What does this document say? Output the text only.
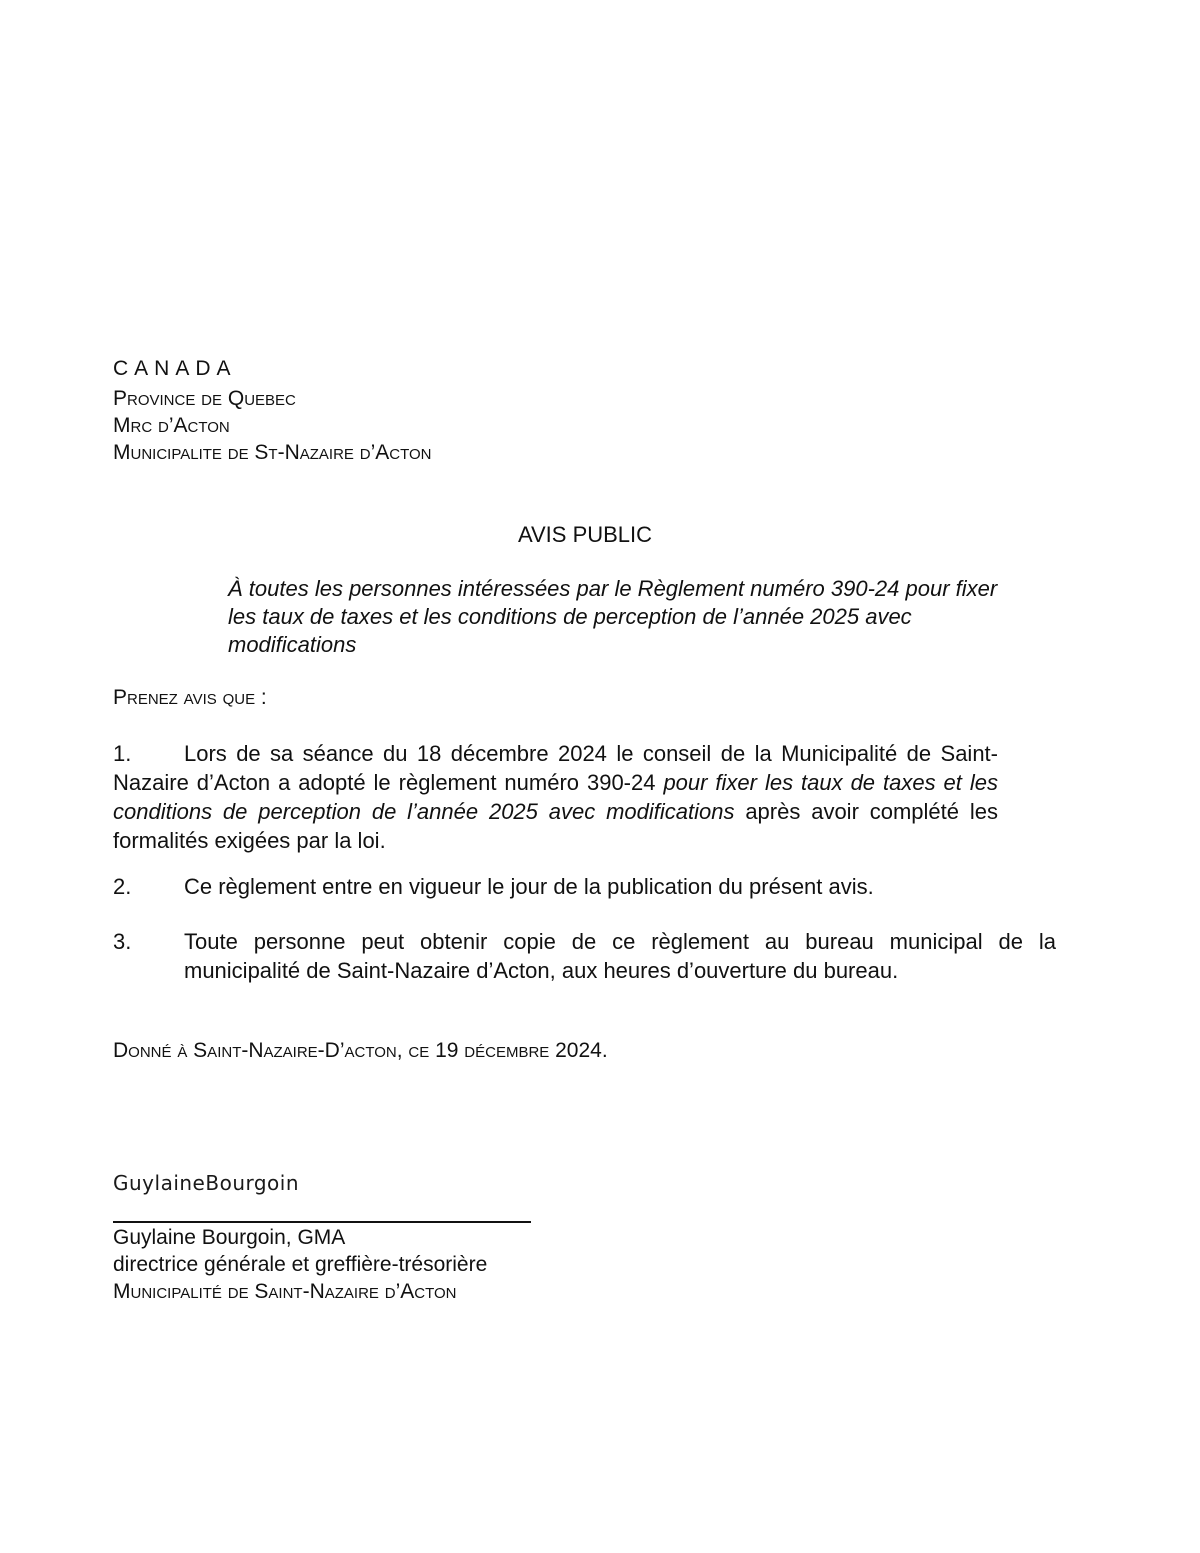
CANADA
Province de Quebec
Mrc d’Acton
Municipalite de St-Nazaire d’Acton
AVIS PUBLIC
À toutes les personnes intéressées par le Règlement numéro 390-24 pour fixer les taux de taxes et les conditions de perception de l’année 2025 avec modifications
Prenez avis que :
1. Lors de sa séance du 18 décembre 2024 le conseil de la Municipalité de Saint-Nazaire d’Acton a adopté le règlement numéro 390-24 pour fixer les taux de taxes et les conditions de perception de l’année 2025 avec modifications après avoir complété les formalités exigées par la loi.
2. Ce règlement entre en vigueur le jour de la publication du présent avis.
3. Toute personne peut obtenir copie de ce règlement au bureau municipal de la
municipalité de Saint-Nazaire d’Acton, aux heures d’ouverture du bureau.
Donné à Saint-Nazaire-D’acton, ce 19 décembre 2024.
GuylaineBourgoin
Guylaine Bourgoin, GMA
directrice générale et greffière-trésorière
Municipalité de Saint-Nazaire d’Acton
